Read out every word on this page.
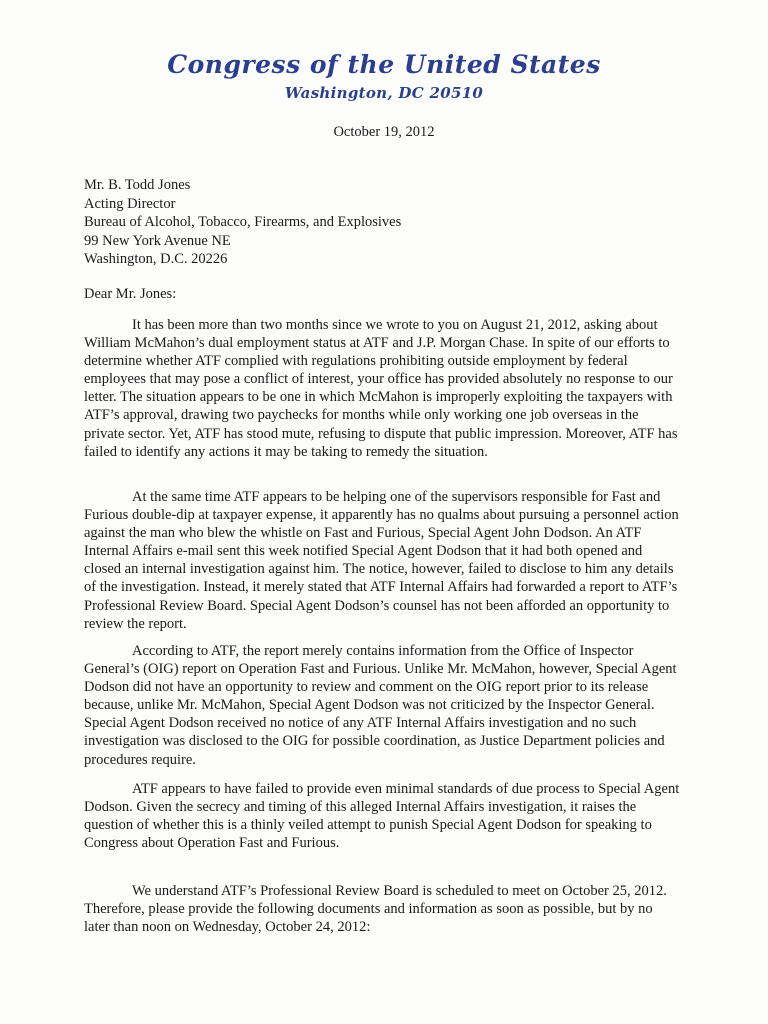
Congress of the United States
Washington, DC 20510
October 19, 2012
Mr. B. Todd Jones
Acting Director
Bureau of Alcohol, Tobacco, Firearms, and Explosives
99 New York Avenue NE
Washington, D.C. 20226
Dear Mr. Jones:

It has been more than two months since we wrote to you on August 21, 2012, asking about William McMahon’s dual employment status at ATF and J.P. Morgan Chase. In spite of our efforts to determine whether ATF complied with regulations prohibiting outside employment by federal employees that may pose a conflict of interest, your office has provided absolutely no response to our letter. The situation appears to be one in which McMahon is improperly exploiting the taxpayers with ATF’s approval, drawing two paychecks for months while only working one job overseas in the private sector. Yet, ATF has stood mute, refusing to dispute that public impression. Moreover, ATF has failed to identify any actions it may be taking to remedy the situation.

At the same time ATF appears to be helping one of the supervisors responsible for Fast and Furious double-dip at taxpayer expense, it apparently has no qualms about pursuing a personnel action against the man who blew the whistle on Fast and Furious, Special Agent John Dodson. An ATF Internal Affairs e-mail sent this week notified Special Agent Dodson that it had both opened and closed an internal investigation against him. The notice, however, failed to disclose to him any details of the investigation. Instead, it merely stated that ATF Internal Affairs had forwarded a report to ATF’s Professional Review Board. Special Agent Dodson’s counsel has not been afforded an opportunity to review the report.

According to ATF, the report merely contains information from the Office of Inspector General’s (OIG) report on Operation Fast and Furious. Unlike Mr. McMahon, however, Special Agent Dodson did not have an opportunity to review and comment on the OIG report prior to its release because, unlike Mr. McMahon, Special Agent Dodson was not criticized by the Inspector General. Special Agent Dodson received no notice of any ATF Internal Affairs investigation and no such investigation was disclosed to the OIG for possible coordination, as Justice Department policies and procedures require.

ATF appears to have failed to provide even minimal standards of due process to Special Agent Dodson. Given the secrecy and timing of this alleged Internal Affairs investigation, it raises the question of whether this is a thinly veiled attempt to punish Special Agent Dodson for speaking to Congress about Operation Fast and Furious.

We understand ATF’s Professional Review Board is scheduled to meet on October 25, 2012. Therefore, please provide the following documents and information as soon as possible, but by no later than noon on Wednesday, October 24, 2012:
